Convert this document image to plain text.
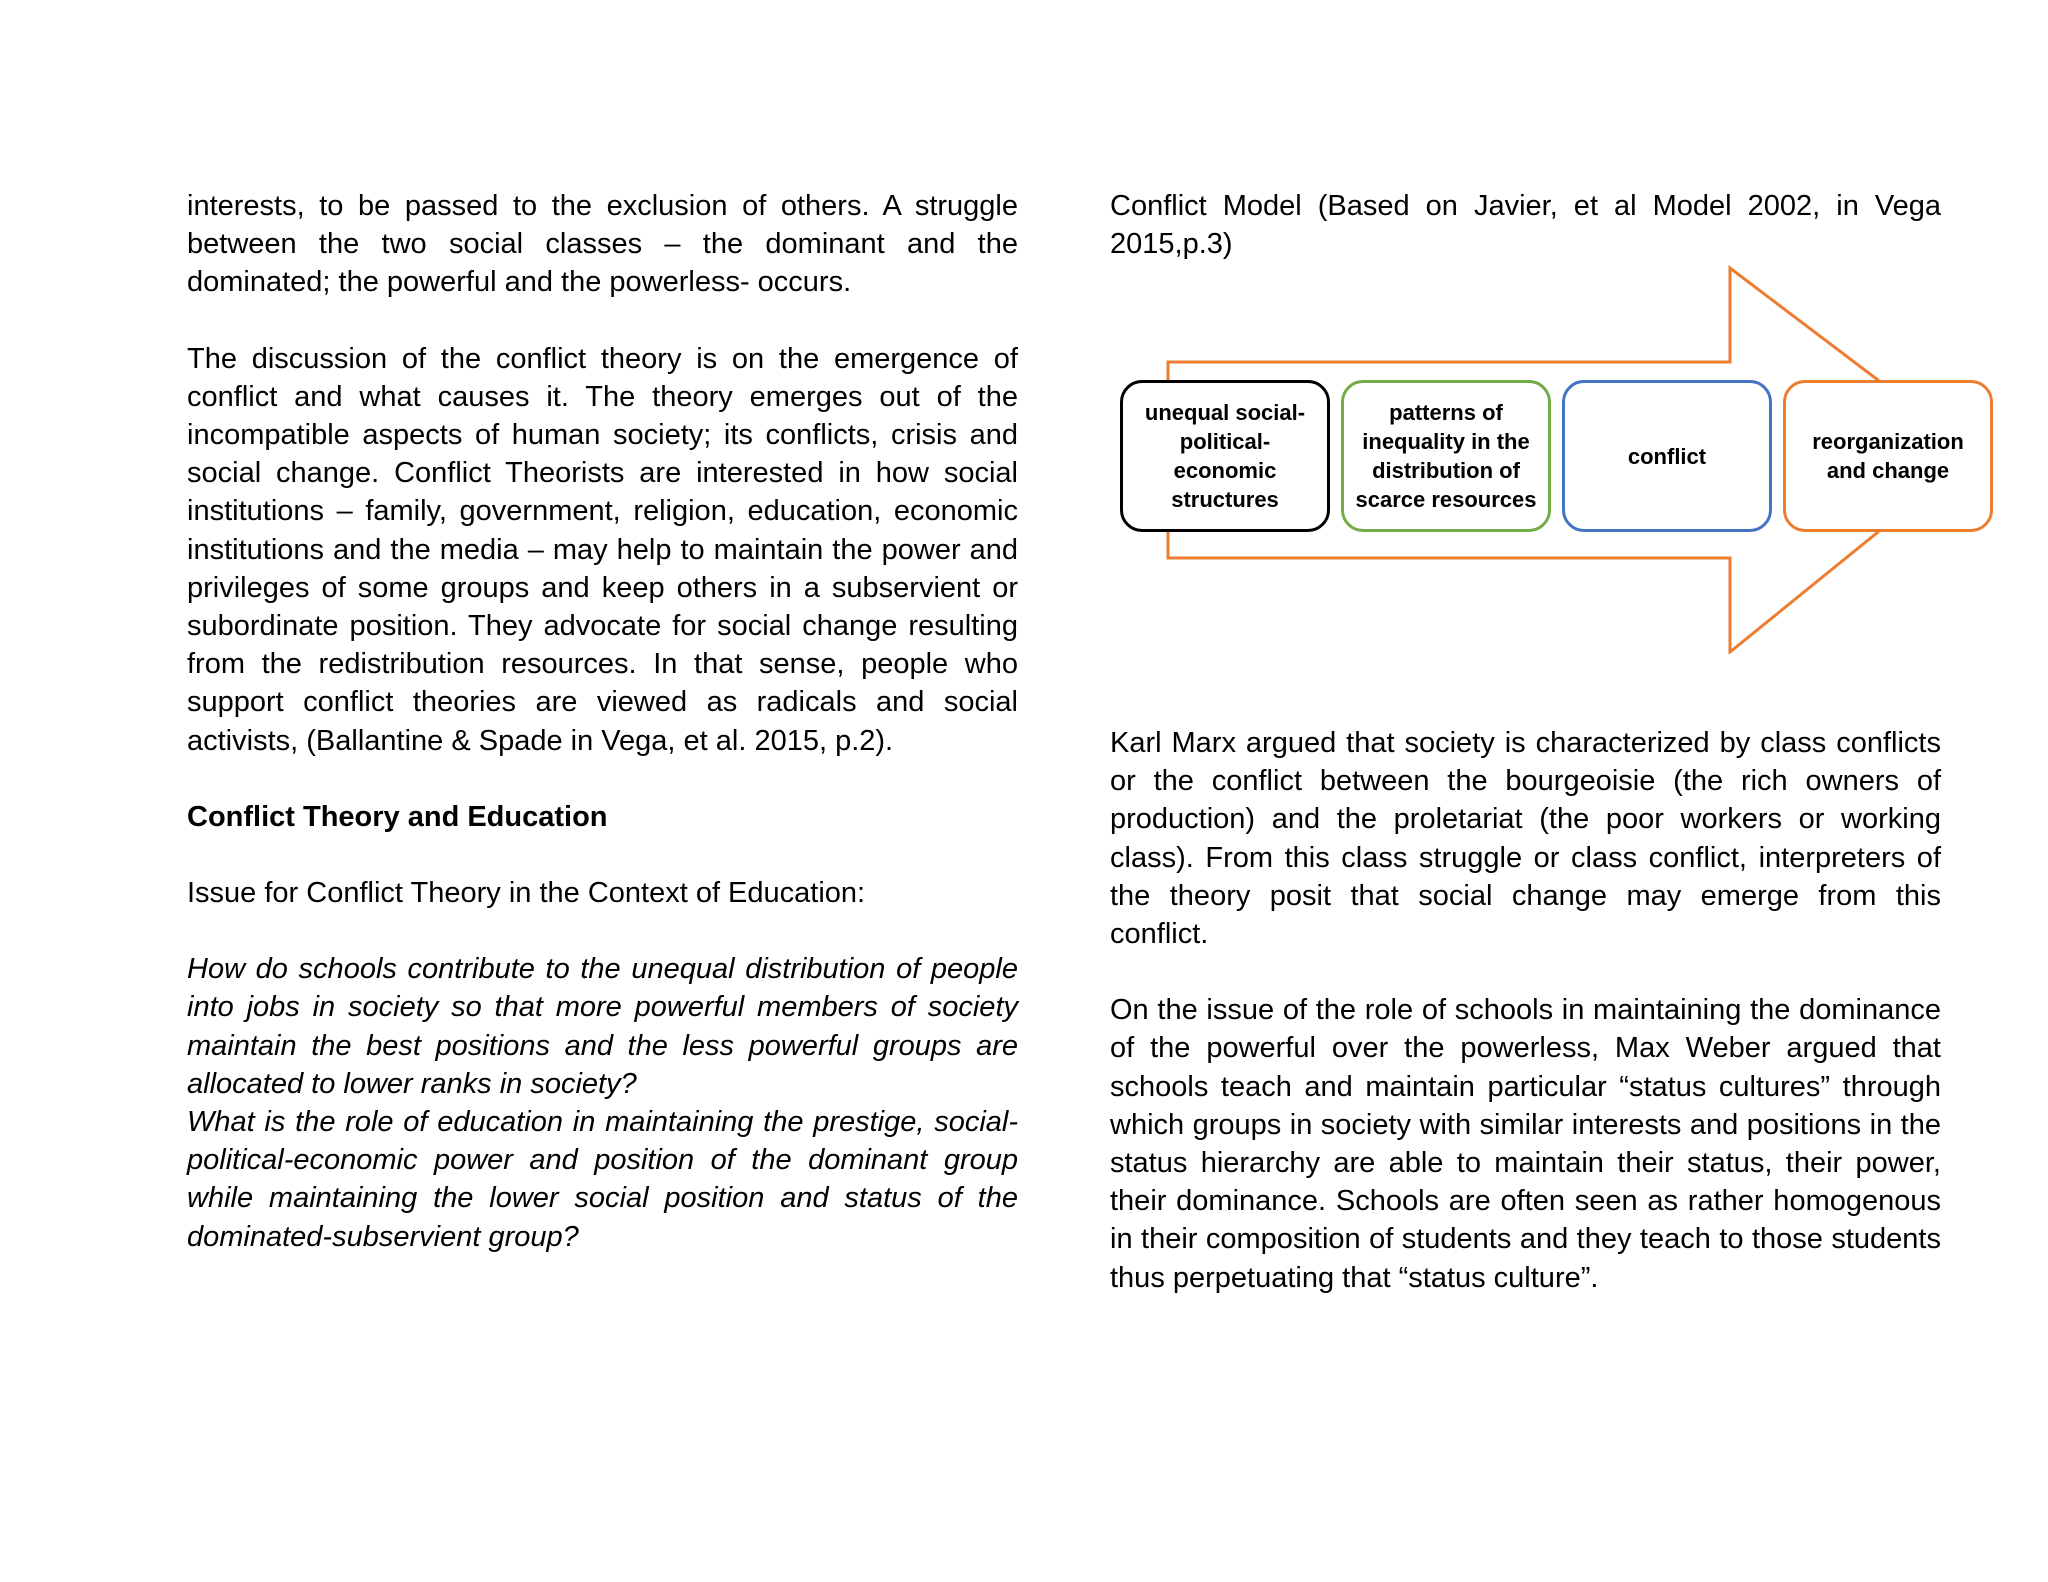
interests, to be passed to the exclusion of others. A struggle between the two social classes – the dominant and the dominated; the powerful and the powerless- occurs.

The discussion of the conflict theory is on the emergence of conflict and what causes it. The theory emerges out of the incompatible aspects of human society; its conflicts, crisis and social change. Conflict Theorists are interested in how social institutions – family, government, religion, education, economic institutions and the media – may help to maintain the power and privileges of some groups and keep others in a subservient or subordinate position. They advocate for social change resulting from the redistribution resources. In that sense, people who support conflict theories are viewed as radicals and social activists, (Ballantine & Spade in Vega, et al. 2015, p.2).

Conflict Theory and Education

Issue for Conflict Theory in the Context of Education:

How do schools contribute to the unequal distribution of people into jobs in society so that more powerful members of society maintain the best positions and the less powerful groups are allocated to lower ranks in society?

What is the role of education in maintaining the prestige, social-political-economic power and position of the dominant group while maintaining the lower social position and status of the dominated-subservient group?

Conflict Model (Based on Javier, et al Model 2002, in Vega 2015,p.3)

unequal social-political-economic structures
patterns of inequality in the distribution of scarce resources
conflict
reorganization and change

Karl Marx argued that society is characterized by class conflicts or the conflict between the bourgeoisie (the rich owners of production) and the proletariat (the poor workers or working class). From this class struggle or class conflict, interpreters of the theory posit that social change may emerge from this conflict.

On the issue of the role of schools in maintaining the dominance of the powerful over the powerless, Max Weber argued that schools teach and maintain particular “status cultures” through which groups in society with similar interests and positions in the status hierarchy are able to maintain their status, their power, their dominance. Schools are often seen as rather homogenous in their composition of students and they teach to those students thus perpetuating that “status culture”.
